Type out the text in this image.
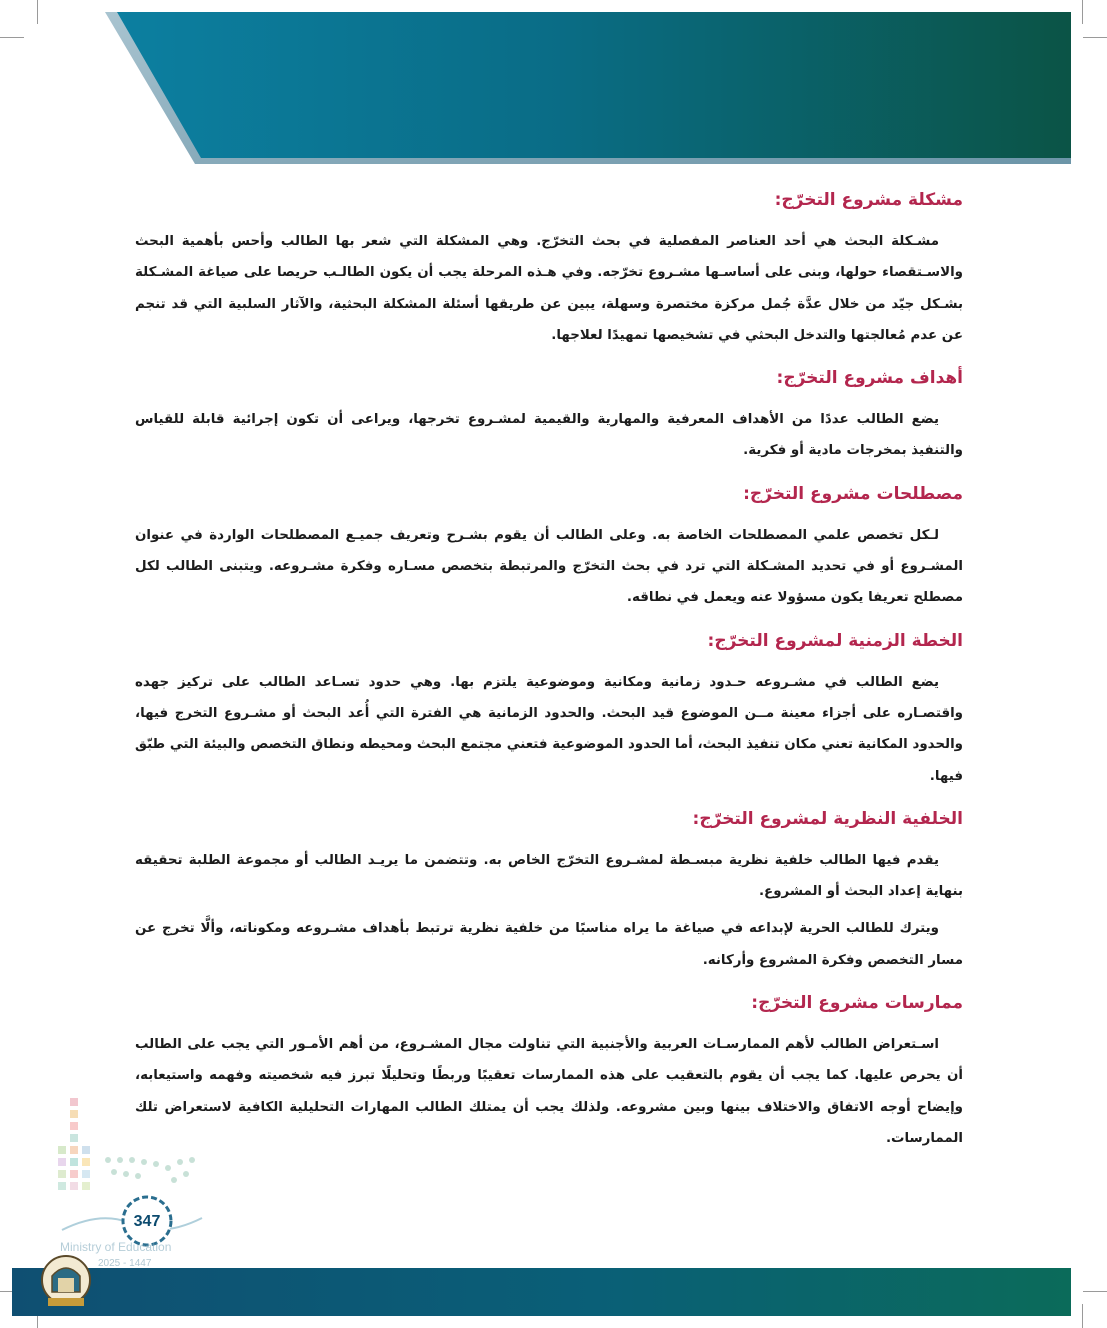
مشكلة مشروع التخرّج:

مشـكلة البحث هي أحد العناصر المفصلية في بحث التخرّج. وهي المشكلة التي شعر بها الطالب وأحس بأهمية البحث والاسـتقصاء حولها، وبنى على أساسـها مشـروع تخرّجه. وفي هـذه المرحلة يجب أن يكون الطالـب حريصا على صياغة المشـكلة بشـكل جيّد من خلال عدَّة جُمل مركزة مختصرة وسهلة، يبين عن طريقها أسئلة المشكلة البحثية، والآثار السلبية التي قد تنجم عن عدم مُعالجتها والتدخل البحثي في تشخيصها تمهيدًا لعلاجها.

أهداف مشروع التخرّج:

يضع الطالب عددًا من الأهداف المعرفية والمهارية والقيمية لمشـروع تخرجها، ويراعى أن تكون إجرائية قابلة للقياس والتنفيذ بمخرجات مادية أو فكرية.

مصطلحات مشروع التخرّج:

لـكل تخصص علمي المصطلحات الخاصة به. وعلى الطالب أن يقوم بشـرح وتعريف جميـع المصطلحات الواردة في عنوان المشـروع أو في تحديد المشـكلة التي ترد في بحث التخرّج والمرتبطة بتخصص مسـاره وفكرة مشـروعه. ويتبنى الطالب لكل مصطلح تعريفا يكون مسؤولا عنه ويعمل في نطاقه.

الخطة الزمنية لمشروع التخرّج:

يضع الطالب في مشـروعه حـدود زمانية ومكانية وموضوعية يلتزم بها. وهي حدود تسـاعد الطالب على تركيز جهده واقتصـاره على أجزاء معينة مــن الموضوع قيد البحث. والحدود الزمانية هي الفترة التي أُعد البحث أو مشـروع التخرج فيها، والحدود المكانية تعني مكان تنفيذ البحث، أما الحدود الموضوعية فتعني مجتمع البحث ومحيطه ونطاق التخصص والبيئة التي طبّق فيها.

الخلفية النظرية لمشروع التخرّج:

يقدم فيها الطالب خلفية نظرية مبسـطة لمشـروع التخرّج الخاص به. وتتضمن ما يريـد الطالب أو مجموعة الطلبة تحقيقه بنهاية إعداد البحث أو المشروع.

ويترك للطالب الحرية لإبداعه في صياغة ما يراه مناسبًا من خلفية نظرية ترتبط بأهداف مشـروعه ومكوناته، وألَّا تخرج عن مسار التخصص وفكرة المشروع وأركانه.

ممارسات مشروع التخرّج:

اسـتعراض الطالب لأهم الممارسـات العربية والأجنبية التي تناولت مجال المشـروع، من أهم الأمـور التي يجب على الطالب أن يحرص عليها. كما يجب أن يقوم بالتعقيب على هذه الممارسات تعقيبًا وربطًا وتحليلًا تبرز فيه شخصيته وفهمه واستيعابه، وإيضاح أوجه الاتفاق والاختلاف بينها وبين مشروعه. ولذلك يجب أن يمتلك الطالب المهارات التحليلية الكافية لاستعراض تلك الممارسات.

347
Ministry of Education
2025 - 1447
